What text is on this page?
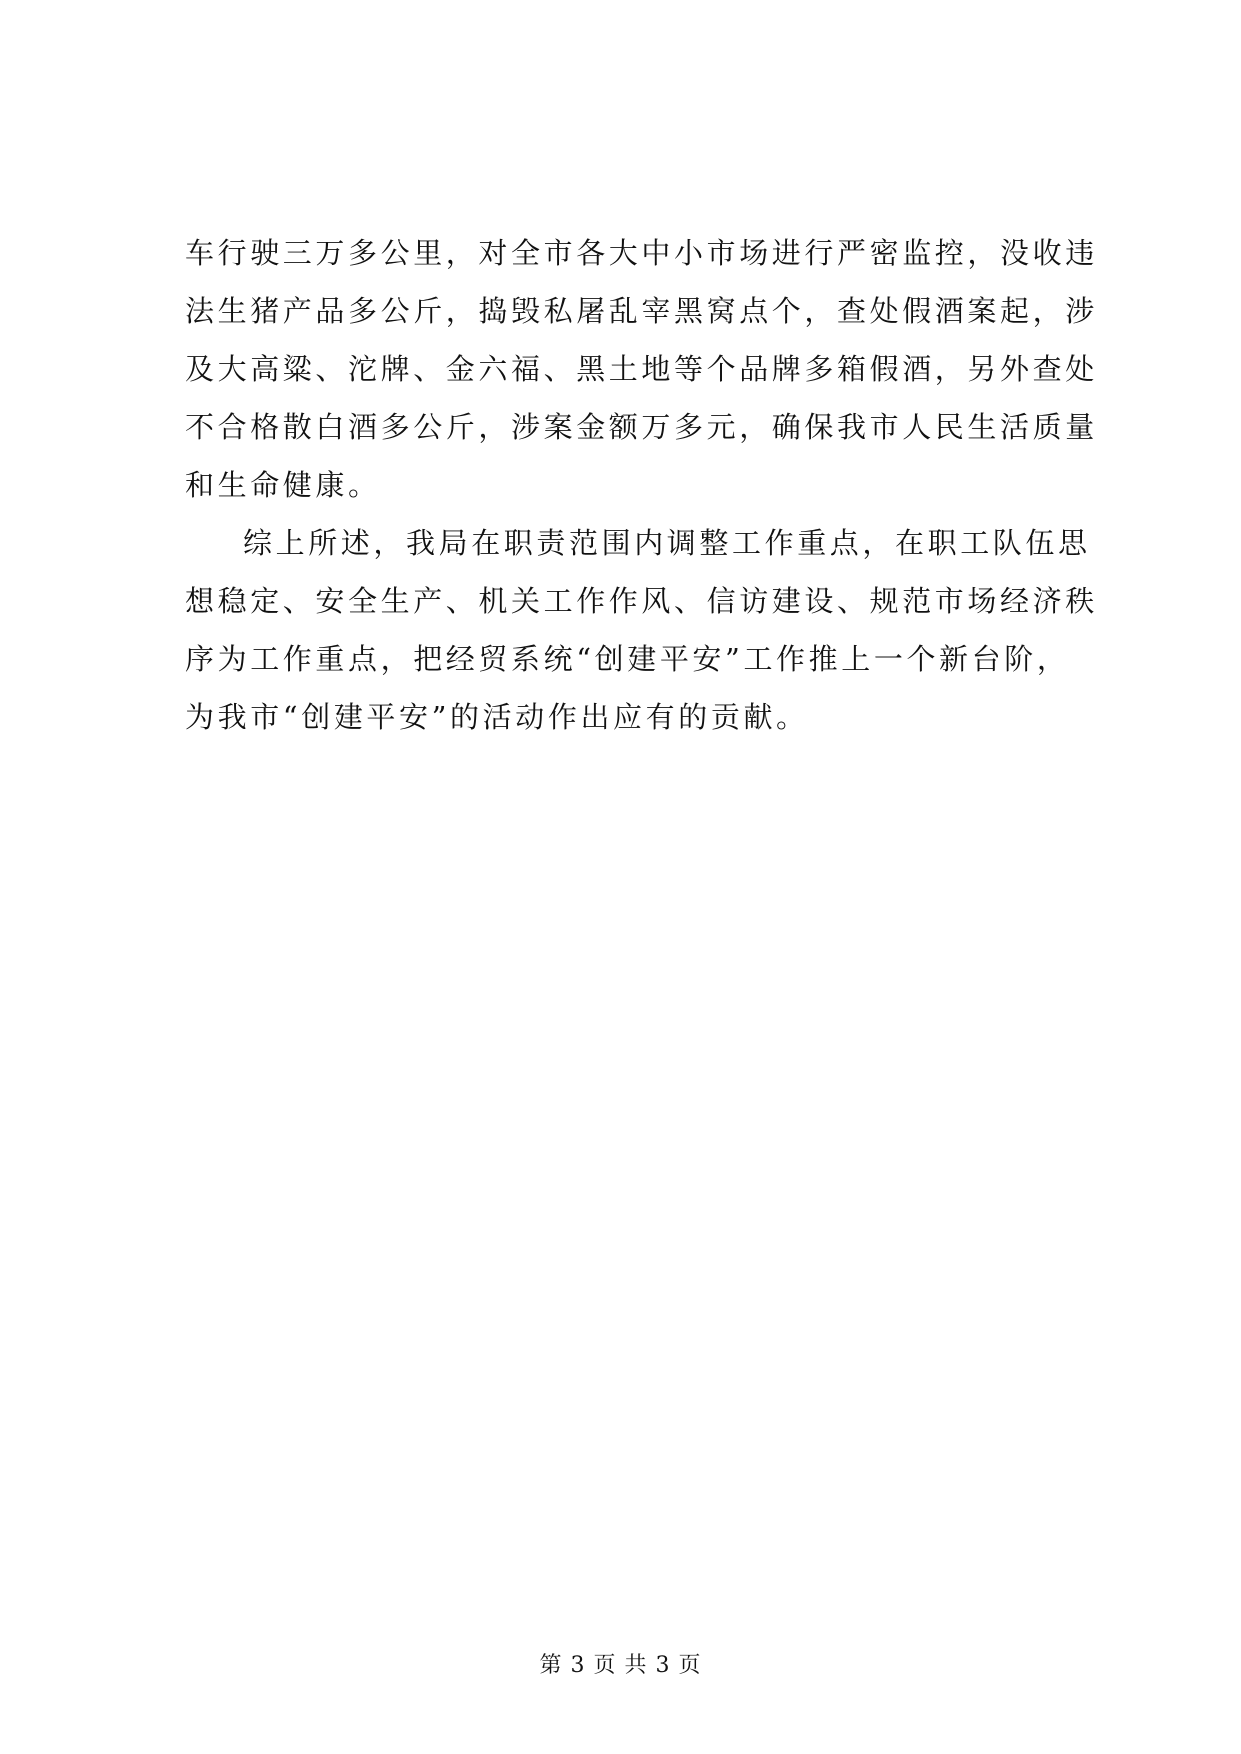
车行驶三万多公里，对全市各大中小市场进行严密监控，没收违
法生猪产品多公斤，捣毁私屠乱宰黑窝点个，查处假酒案起，涉
及大高粱、沱牌、金六福、黑土地等个品牌多箱假酒，另外查处
不合格散白酒多公斤，涉案金额万多元，确保我市人民生活质量
和生命健康。
综上所述，我局在职责范围内调整工作重点，在职工队伍思
想稳定、安全生产、机关工作作风、信访建设、规范市场经济秩
序为工作重点，把经贸系统“创建平安”工作推上一个新台阶，
为我市“创建平安”的活动作出应有的贡献。
第 3 页 共 3 页
